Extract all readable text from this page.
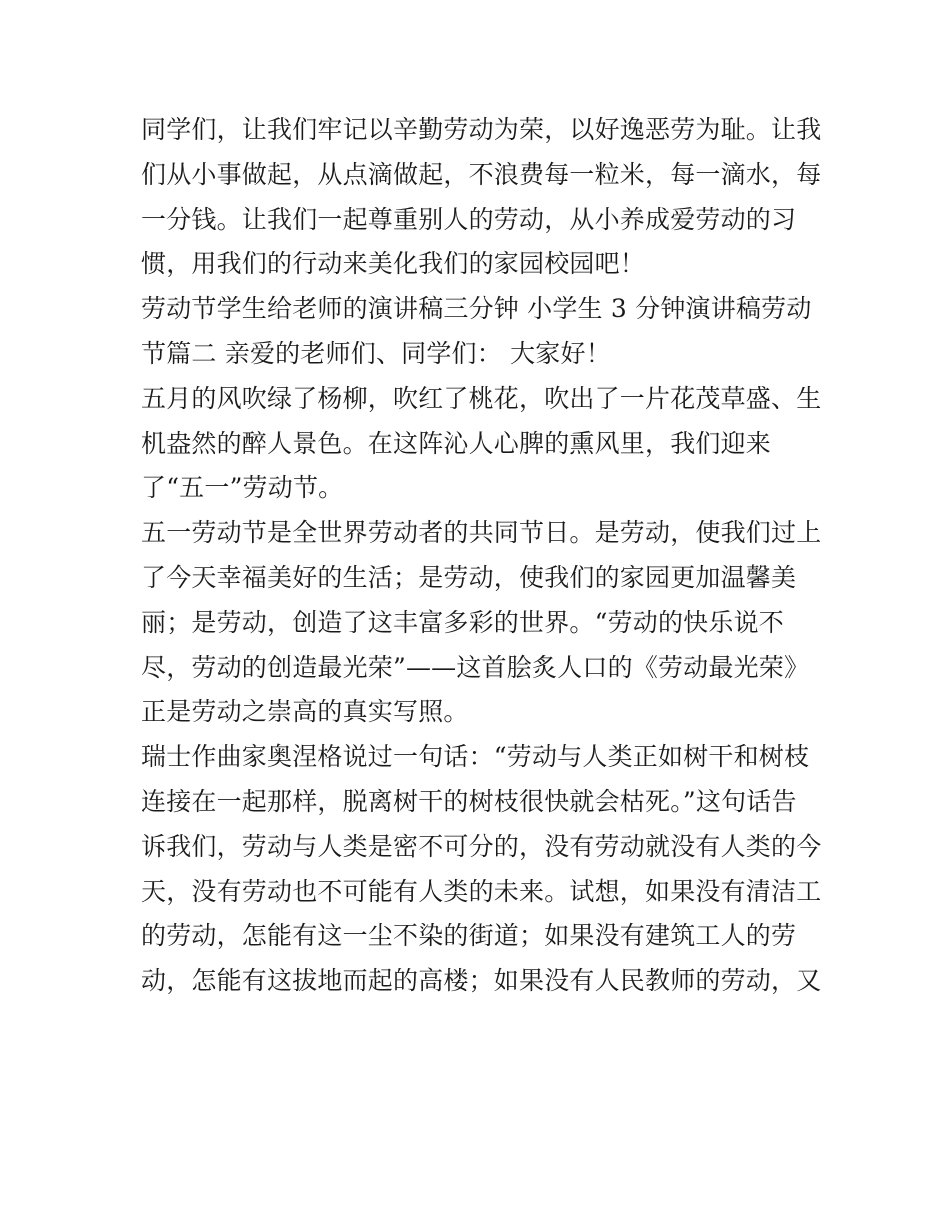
同学们，让我们牢记以辛勤劳动为荣，以好逸恶劳为耻。让我
们从小事做起，从点滴做起，不浪费每一粒米，每一滴水，每
一分钱。让我们一起尊重别人的劳动，从小养成爱劳动的习
惯，用我们的行动来美化我们的家园校园吧！
劳动节学生给老师的演讲稿三分钟 小学生 3 分钟演讲稿劳动
节篇二 亲爱的老师们、同学们： 大家好！
五月的风吹绿了杨柳，吹红了桃花，吹出了一片花茂草盛、生
机盎然的醉人景色。在这阵沁人心脾的熏风里，我们迎来
了“五一”劳动节。
五一劳动节是全世界劳动者的共同节日。是劳动，使我们过上
了今天幸福美好的生活；是劳动，使我们的家园更加温馨美
丽；是劳动，创造了这丰富多彩的世界。“劳动的快乐说不
尽，劳动的创造最光荣”——这首脍炙人口的《劳动最光荣》
正是劳动之崇高的真实写照。
瑞士作曲家奥涅格说过一句话：“劳动与人类正如树干和树枝
连接在一起那样，脱离树干的树枝很快就会枯死。”这句话告
诉我们，劳动与人类是密不可分的，没有劳动就没有人类的今
天，没有劳动也不可能有人类的未来。试想，如果没有清洁工
的劳动，怎能有这一尘不染的街道；如果没有建筑工人的劳
动，怎能有这拔地而起的高楼；如果没有人民教师的劳动，又
